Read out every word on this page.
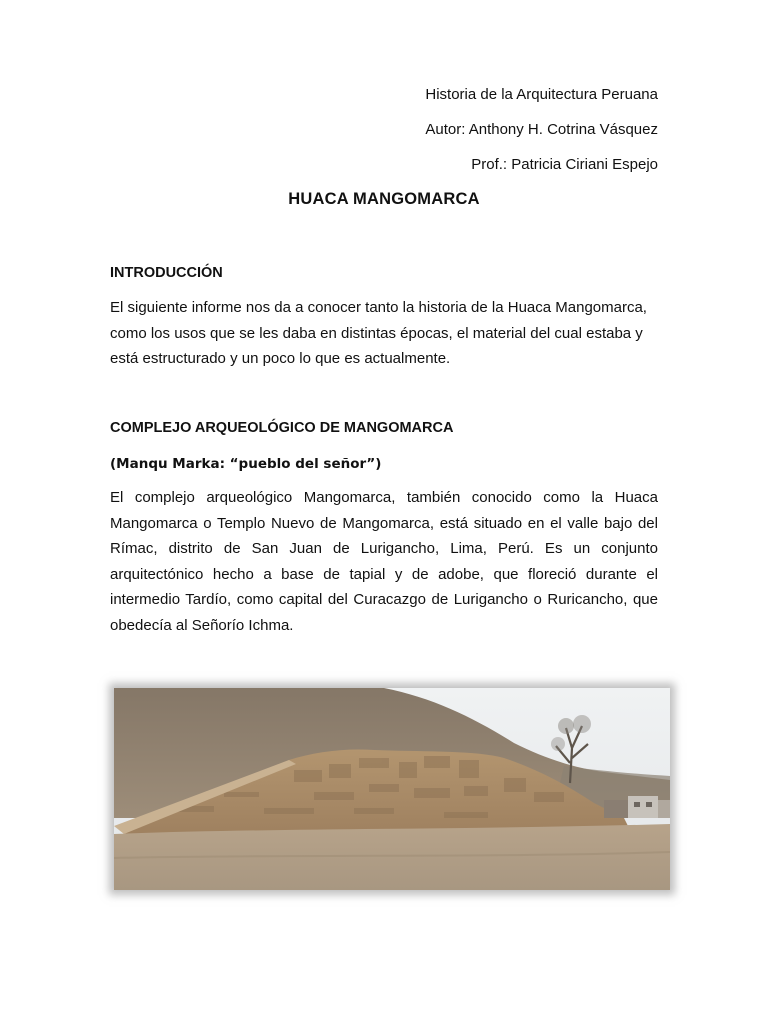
Historia de la Arquitectura Peruana
Autor: Anthony H. Cotrina Vásquez
Prof.: Patricia Ciriani Espejo
HUACA MANGOMARCA
INTRODUCCIÓN
El siguiente informe nos da a conocer tanto la historia de la Huaca Mangomarca,
como los usos que se les daba en distintas épocas, el material del cual estaba y
está estructurado y un poco lo que es actualmente.
COMPLEJO ARQUEOLÓGICO DE MANGOMARCA
(Manqu Marka: “pueblo del señor”)
El complejo arqueológico Mangomarca, también conocido como la Huaca
Mangomarca o Templo Nuevo de Mangomarca, está situado en el valle bajo del
Rímac, distrito de San Juan de Lurigancho, Lima, Perú. Es un conjunto
arquitectónico hecho a base de tapial y de adobe, que floreció durante el
intermedio Tardío, como capital del Curacazgo de Lurigancho o Ruricancho, que
obedecía al Señorío Ichma.
